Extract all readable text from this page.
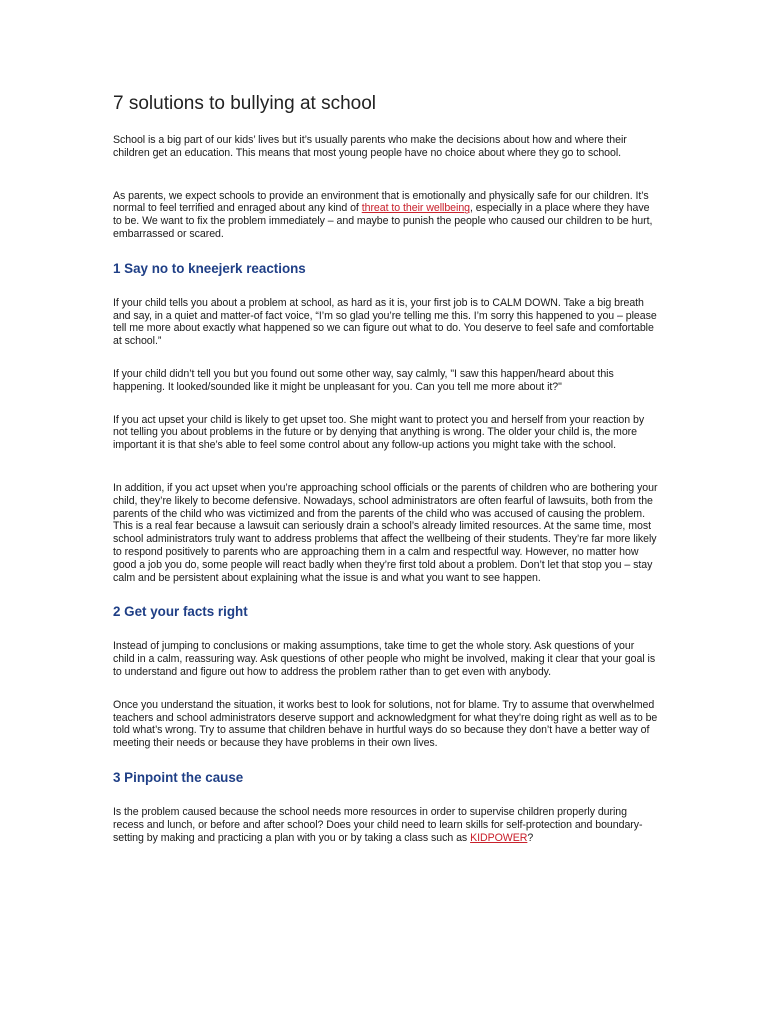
7 solutions to bullying at school

School is a big part of our kids’ lives but it’s usually parents who make the decisions about how and where their children get an education. This means that most young people have no choice about where they go to school.

As parents, we expect schools to provide an environment that is emotionally and physically safe for our children. It’s normal to feel terrified and enraged about any kind of threat to their wellbeing, especially in a place where they have to be. We want to fix the problem immediately – and maybe to punish the people who caused our children to be hurt, embarrassed or scared.

1 Say no to kneejerk reactions

If your child tells you about a problem at school, as hard as it is, your first job is to CALM DOWN. Take a big breath and say, in a quiet and matter-of fact voice, “I’m so glad you’re telling me this. I’m sorry this happened to you – please tell me more about exactly what happened so we can figure out what to do. You deserve to feel safe and comfortable at school.”

If your child didn’t tell you but you found out some other way, say calmly, "I saw this happen/heard about this happening. It looked/sounded like it might be unpleasant for you. Can you tell me more about it?"

If you act upset your child is likely to get upset too. She might want to protect you and herself from your reaction by not telling you about problems in the future or by denying that anything is wrong. The older your child is, the more important it is that she’s able to feel some control about any follow-up actions you might take with the school.

In addition, if you act upset when you’re approaching school officials or the parents of children who are bothering your child, they’re likely to become defensive. Nowadays, school administrators are often fearful of lawsuits, both from the parents of the child who was victimized and from the parents of the child who was accused of causing the problem. This is a real fear because a lawsuit can seriously drain a school’s already limited resources. At the same time, most school administrators truly want to address problems that affect the wellbeing of their students. They’re far more likely to respond positively to parents who are approaching them in a calm and respectful way. However, no matter how good a job you do, some people will react badly when they’re first told about a problem. Don’t let that stop you – stay calm and be persistent about explaining what the issue is and what you want to see happen.

2 Get your facts right

Instead of jumping to conclusions or making assumptions, take time to get the whole story. Ask questions of your child in a calm, reassuring way. Ask questions of other people who might be involved, making it clear that your goal is to understand and figure out how to address the problem rather than to get even with anybody.

Once you understand the situation, it works best to look for solutions, not for blame. Try to assume that overwhelmed teachers and school administrators deserve support and acknowledgment for what they’re doing right as well as to be told what’s wrong. Try to assume that children behave in hurtful ways do so because they don’t have a better way of meeting their needs or because they have problems in their own lives.

3 Pinpoint the cause

Is the problem caused because the school needs more resources in order to supervise children properly during recess and lunch, or before and after school? Does your child need to learn skills for self-protection and boundary-setting by making and practicing a plan with you or by taking a class such as KIDPOWER?
